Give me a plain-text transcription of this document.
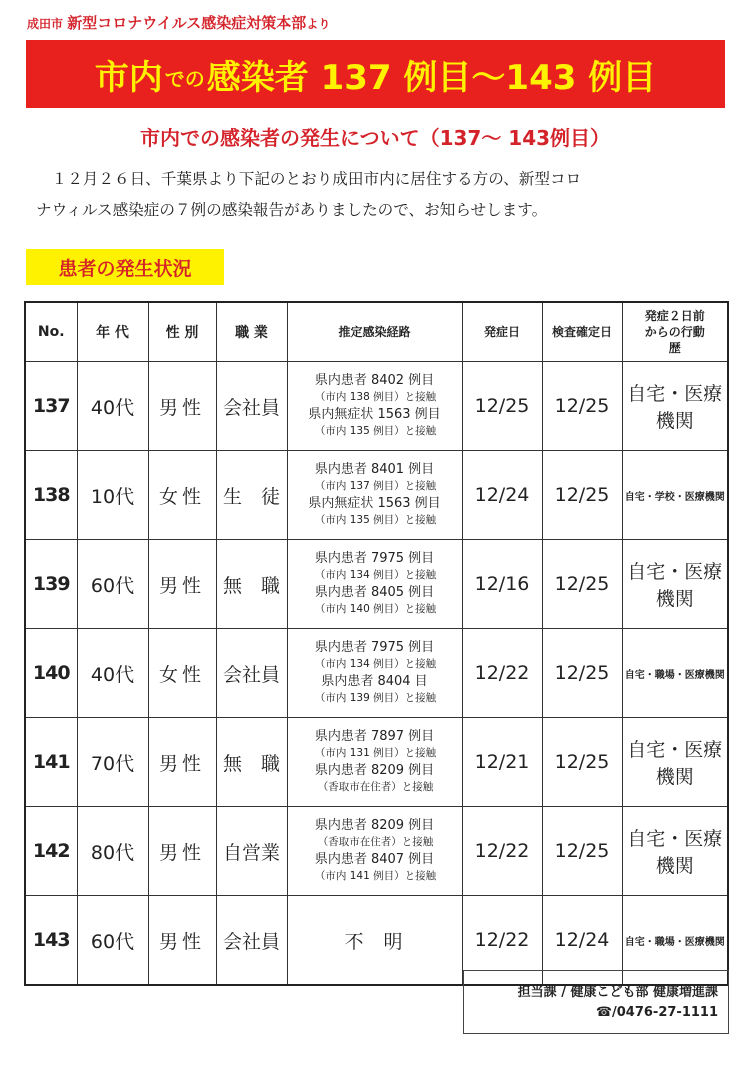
成田市 新型コロナウイルス感染症対策本部より
市内 での 感染者 137 例目～143 例目
市内での感染者の発生について（137～ 143例目）
１２月２６日、千葉県より下記のとおり成田市内に居住する方の、新型コロ
ナウィルス感染症の７例の感染報告がありましたので、お知らせします。
患者の発生状況
No.	年 代	性 別	職 業	推定感染経路	発症日	検査確定日	発症２日前からの行動歴
137	40代	男性	会社員	県内患者 8402 例目
（市内 138 例目）と接触
県内無症状 1563 例目
（市内 135 例目）と接触	12/25	12/25	自宅・医療機関
138	10代	女性	生　徒	県内患者 8401 例目
（市内 137 例目）と接触
県内無症状 1563 例目
（市内 135 例目）と接触	12/24	12/25	自宅・学校・医療機関
139	60代	男性	無　職	県内患者 7975 例目
（市内 134 例目）と接触
県内患者 8405 例目
（市内 140 例目）と接触	12/16	12/25	自宅・医療機関
140	40代	女性	会社員	県内患者 7975 例目
（市内 134 例目）と接触
県内患者 8404 目
（市内 139 例目）と接触	12/22	12/25	自宅・職場・医療機関
141	70代	男性	無　職	県内患者 7897 例目
（市内 131 例目）と接触
県内患者 8209 例目
（香取市在住者）と接触	12/21	12/25	自宅・医療機関
142	80代	男性	自営業	県内患者 8209 例目
（香取市在住者）と接触
県内患者 8407 例目
（市内 141 例目）と接触	12/22	12/25	自宅・医療機関
143	60代	男性	会社員	不明	12/22	12/24	自宅・職場・医療機関
担当課 / 健康こども部 健康増進課
☎/0476-27-1111
